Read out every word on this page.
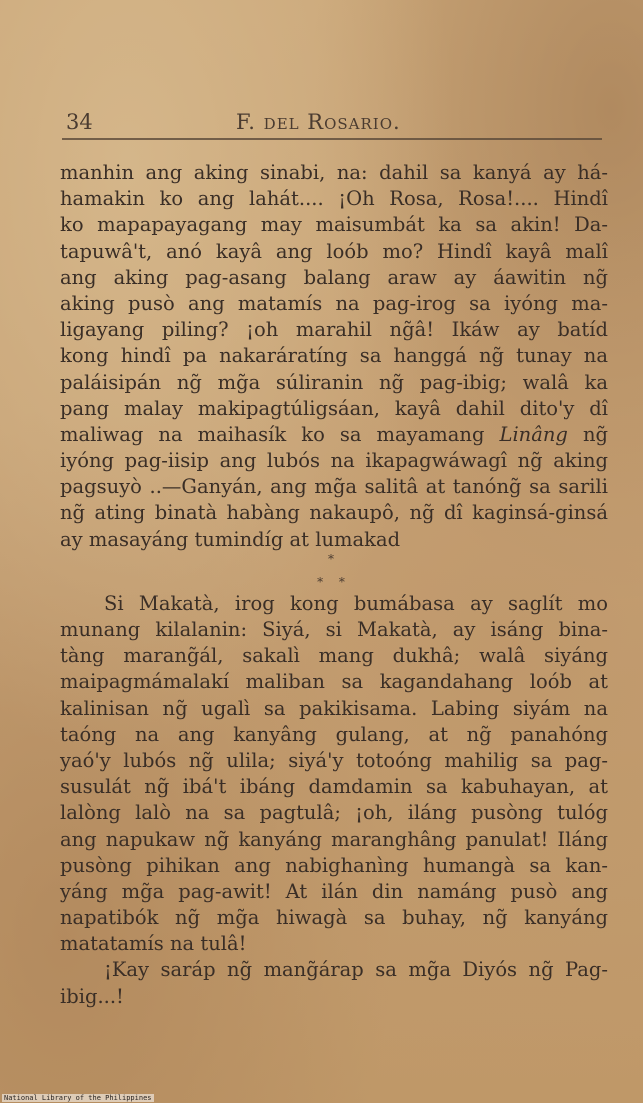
34	F. del Rosario.
manhin ang aking sinabi, na: dahil sa kanyá ay há-
hamakin ko ang lahát.... ¡Oh Rosa, Rosa!.... Hindî
ko mapapayagang may maisumbát ka sa akin! Da-
tapuwâ't, anó kayâ ang loób mo? Hindî kayâ malî
ang aking pag-asang balang araw ay áawitin ng̃
aking pusò ang matamís na pag-irog sa iyóng ma-
ligayang piling? ¡oh marahil ng̃â! Ikáw ay batíd
kong hindî pa nakaráratíng sa hanggá ng̃ tunay na
paláisipán ng̃ mg̃a súliranin ng̃ pag-ibig; walâ ka
pang malay makipagtúligsáan, kayâ dahil dito'y dî
maliwag na maihasík ko sa mayamang Linâng ng̃
iyóng pag-iisip ang lubós na ikapagwáwagî ng̃ aking
pagsuyò ..—Ganyán, ang mg̃a salitâ at tanóng̃ sa sarili
ng̃ ating binatà habàng nakaupô, ng̃ dî kaginsá-ginsá
ay masayáng tumindíg at lumakad
*
* *
Si Makatà, irog kong bumábasa ay saglít mo
munang kilalanin: Siyá, si Makatà, ay isáng bina-
tàng marang̃ál, sakalì mang dukhâ; walâ siyáng
maipagmámalakí maliban sa kagandahang loób at
kalinisan ng̃ ugalì sa pakikisama. Labing siyám na
taóng na ang kanyâng gulang, at ng̃ panahóng
yaó'y lubós ng̃ ulila; siyá'y totoóng mahilig sa pag-
susulát ng̃ ibá't ibáng damdamin sa kabuhayan, at
lalòng lalò na sa pagtulâ; ¡oh, iláng pusòng tulóg
ang napukaw ng̃ kanyáng maranghâng panulat! Iláng
pusòng pihikan ang nabighanìng humangà sa kan-
yáng mg̃a pag-awit! At ilán din namáng pusò ang
napatibók ng̃ mg̃a hiwagà sa buhay, ng̃ kanyáng
matatamís na tulâ!
¡Kay saráp ng̃ mang̃árap sa mg̃a Diyós ng̃ Pag-
ibig...!
National Library of the Philippines
